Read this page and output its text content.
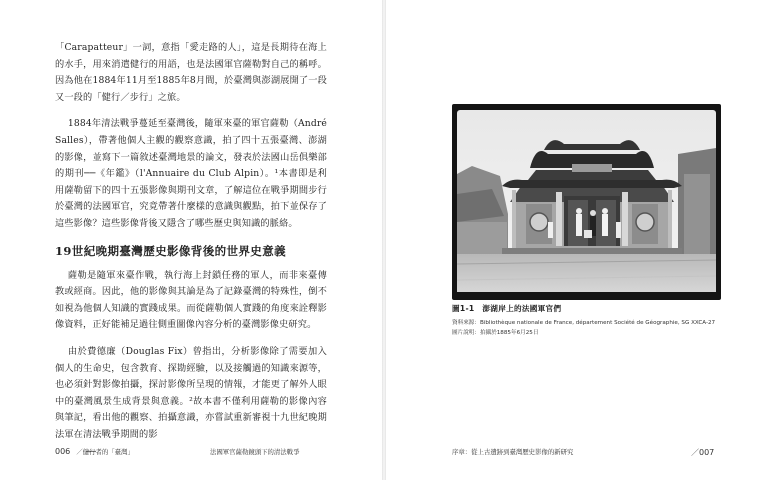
「Carapatteur」一詞，意指「愛走路的人」，這是長期待在海上的水手，用來消遣健行的用語，也是法國軍官薩勒對自己的稱呼。因為他在1884年11月至1885年8月間，於臺灣與澎湖展開了一段又一段的「健行／步行」之旅。

1884年清法戰爭蔓延至臺灣後，隨軍來臺的軍官薩勒（André Salles），帶著他個人主觀的觀察意識，拍了四十五張臺灣、澎湖的影像，並寫下一篇敘述臺灣地景的論文，發表於法國山岳俱樂部的期刊──《年鑑》（l'Annuaire du Club Alpin）。¹本書即是利用薩勒留下的四十五張影像與期刊文章，了解這位在戰爭期間步行於臺灣的法國軍官，究竟帶著什麼樣的意識與觀點，拍下並保存了這些影像？這些影像背後又隱含了哪些歷史與知識的脈絡。

19世紀晚期臺灣歷史影像背後的世界史意義

薩勒是隨軍來臺作戰，執行海上封鎖任務的軍人，而非來臺傳教或經商。因此，他的影像與其論是為了記錄臺灣的特殊性，倒不如視為他個人知識的實踐成果。而從薩勒個人實踐的角度來詮釋影像資料，正好能補足過往側重圖像內容分析的臺灣影像史研究。

由於費德廉（Douglas Fix）曾指出，分析影像除了需要加入個人的生命史，包含教育、探勘經驗，以及接觸過的知識來源等，也必須針對影像拍攝，探討影像所呈現的情報，才能更了解外人眼中的臺灣風景生成背景與意義。²故本書不僅利用薩勒的影像內容與筆記，看出他的觀察、拍攝意識，亦嘗試重新審視十九世紀晚期法軍在清法戰爭期間的影

006 ／健行者的「臺灣」	法國軍官薩勒鏡頭下的清法戰爭

圖1-1　澎湖岸上的法國軍官們

資料來源：Bibliothèque nationale de France, département Société de Géographie, SG XXCA-27

圖片說明：拍攝於1885年6月25日

序章：從上古遺跡到臺灣歷史影像的新研究	／007
